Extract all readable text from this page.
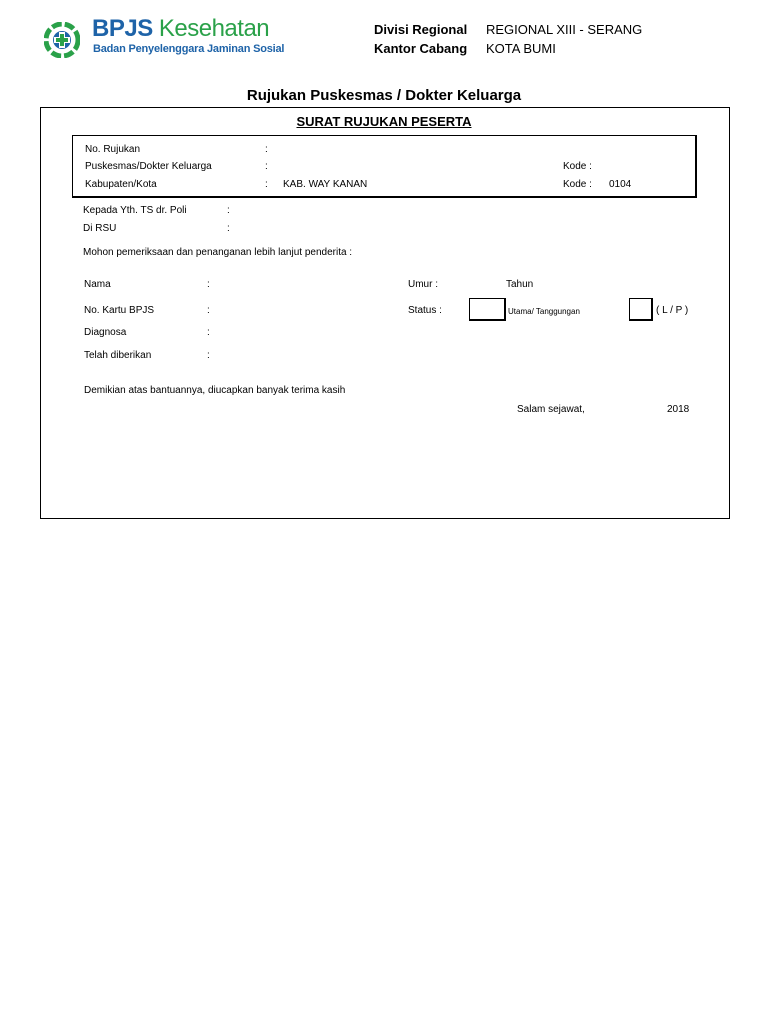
BPJS Kesehatan
Badan Penyelenggara Jaminan Sosial
Divisi Regional REGIONAL XIII - SERANG
Kantor Cabang KOTA BUMI
Rujukan Puskesmas / Dokter Keluarga
SURAT RUJUKAN PESERTA
No. Rujukan	:
Puskesmas/Dokter Keluarga	:	Kode :
Kabupaten/Kota	: KAB. WAY KANAN	Kode : 0104
Kepada Yth. TS dr. Poli	:
Di RSU	:
Mohon pemeriksaan dan penanganan lebih lanjut penderita :
Nama	:	Umur :	Tahun
No. Kartu BPJS	:	Status :	Utama/ Tanggungan	( L / P )
Diagnosa	:
Telah diberikan	:
Demikian atas bantuannya, diucapkan banyak terima kasih
Salam sejawat,	2018
